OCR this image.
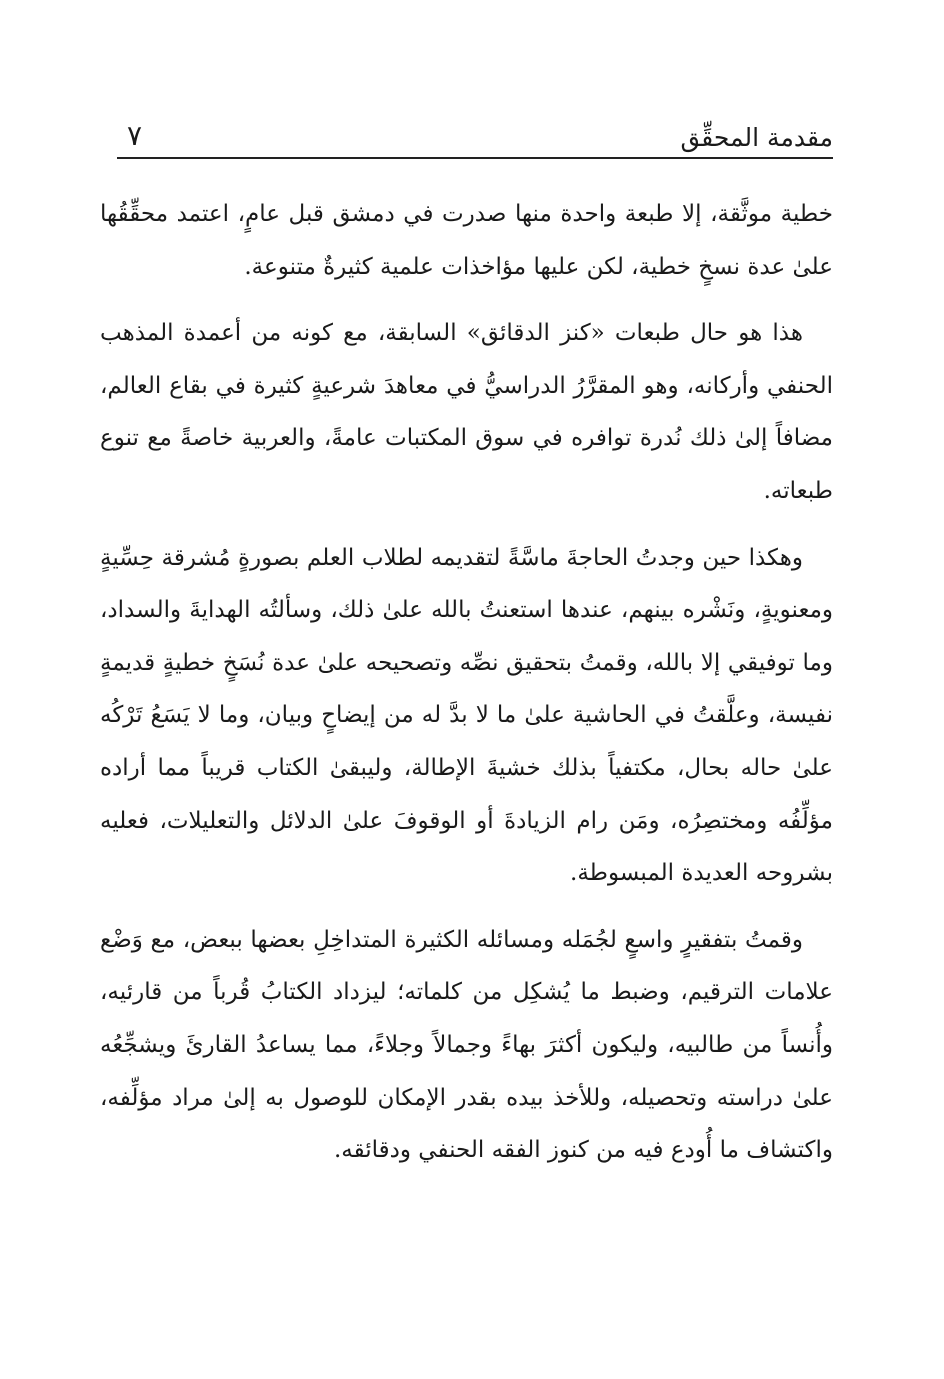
مقدمة المحقِّق
٧

خطية موثَّقة، إلا طبعة واحدة منها صدرت في دمشق قبل عامٍ، اعتمد محقِّقُها علىٰ عدة نسخٍ خطية، لكن عليها مؤاخذات علمية كثيرةٌ متنوعة.

هذا هو حال طبعات «كنز الدقائق» السابقة، مع كونه من أعمدة المذهب الحنفي وأركانه، وهو المقرَّرُ الدراسيُّ في معاهدَ شرعيةٍ كثيرة في بقاع العالم، مضافاً إلىٰ ذلك نُدرة توافره في سوق المكتبات عامةً، والعربية خاصةً مع تنوع طبعاته.

وهكذا حين وجدتُ الحاجةَ ماسَّةً لتقديمه لطلاب العلم بصورةٍ مُشرقة حِسِّيةٍ ومعنويةٍ، ونَشْره بينهم، عندها استعنتُ بالله علىٰ ذلك، وسألتُه الهدايةَ والسداد، وما توفيقي إلا بالله، وقمتُ بتحقيق نصِّه وتصحيحه علىٰ عدة نُسَخٍ خطيةٍ قديمةٍ نفيسة، وعلَّقتُ في الحاشية علىٰ ما لا بدَّ له من إيضاحٍ وبيان، وما لا يَسَعُ تَرْكُه علىٰ حاله بحال، مكتفياً بذلك خشيةَ الإطالة، وليبقىٰ الكتاب قريباً مما أراده مؤلِّفُه ومختصِرُه، ومَن رام الزيادةَ أو الوقوفَ علىٰ الدلائل والتعليلات، فعليه بشروحه العديدة المبسوطة.

وقمتُ بتفقيرٍ واسعٍ لجُمَله ومسائله الكثيرة المتداخِلِ بعضها ببعض، مع وَضْع علامات الترقيم، وضبط ما يُشكِل من كلماته؛ ليزداد الكتابُ قُرباً من قارئيه، وأُنساً من طالبيه، وليكون أكثرَ بهاءً وجمالاً وجلاءً، مما يساعدُ القارئَ ويشجِّعُه علىٰ دراسته وتحصيله، وللأخذ بيده بقدر الإمكان للوصول به إلىٰ مراد مؤلِّفه، واكتشاف ما أُودع فيه من كنوز الفقه الحنفي ودقائقه.
